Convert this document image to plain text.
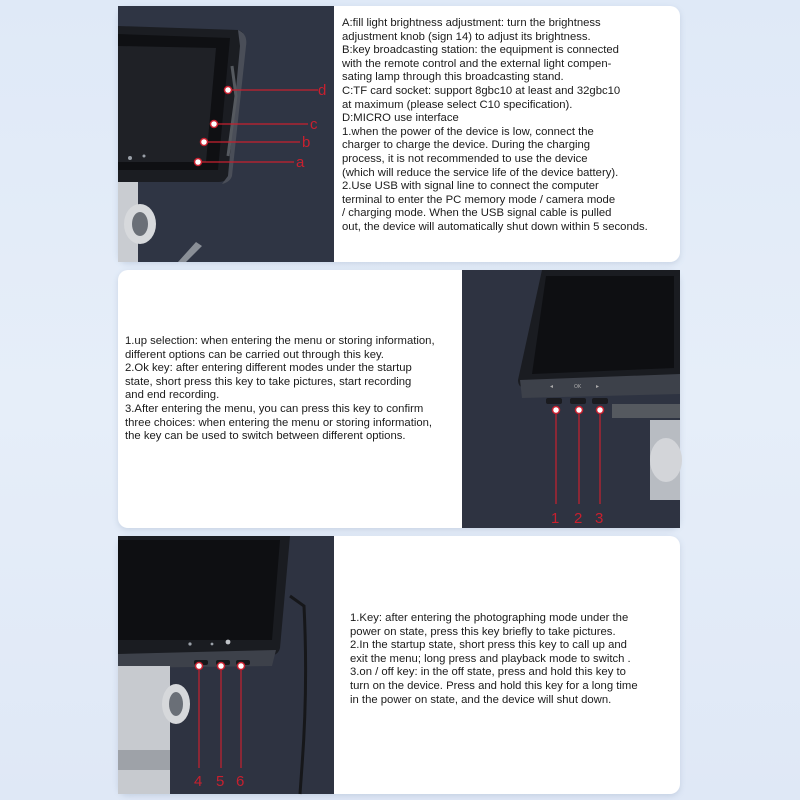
d
c
b
a
A:fill light brightness adjustment: turn the brightness
adjustment knob (sign 14) to adjust its brightness.
B:key broadcasting station: the equipment is connected
with the remote control and the external light compen-
sating lamp through this broadcasting stand.
C:TF card socket: support 8gbc10 at least and 32gbc10
at maximum (please select C10 specification).
D:MICRO use interface
1.when the power of the device is low, connect the
charger to charge the device. During the charging
process, it is not recommended to use the device
(which will reduce the service life of the device battery).
2.Use USB with signal line to connect the computer
terminal to enter the PC memory mode / camera mode
/ charging mode. When the USB signal cable is pulled
out, the device will automatically shut down within 5 seconds.
1.up selection: when entering the menu or storing information,
different options can be carried out through this key.
2.Ok key: after entering different modes under the startup
state, short press this key to take pictures, start recording
and end recording.
3.After entering the menu, you can press this key to confirm
three choices: when entering the menu or storing information,
the key can be used to switch between different options.
◂	OK ▸
1 2 3
4 5 6
1.Key: after entering the photographing mode under the
power on state, press this key briefly to take pictures.
2.In the startup state, short press this key to call up and
exit the menu; long press and playback mode to switch .
3.on / off key: in the off state, press and hold this key to
turn on the device. Press and hold this key for a long time
in the power on state, and the device will shut down.
